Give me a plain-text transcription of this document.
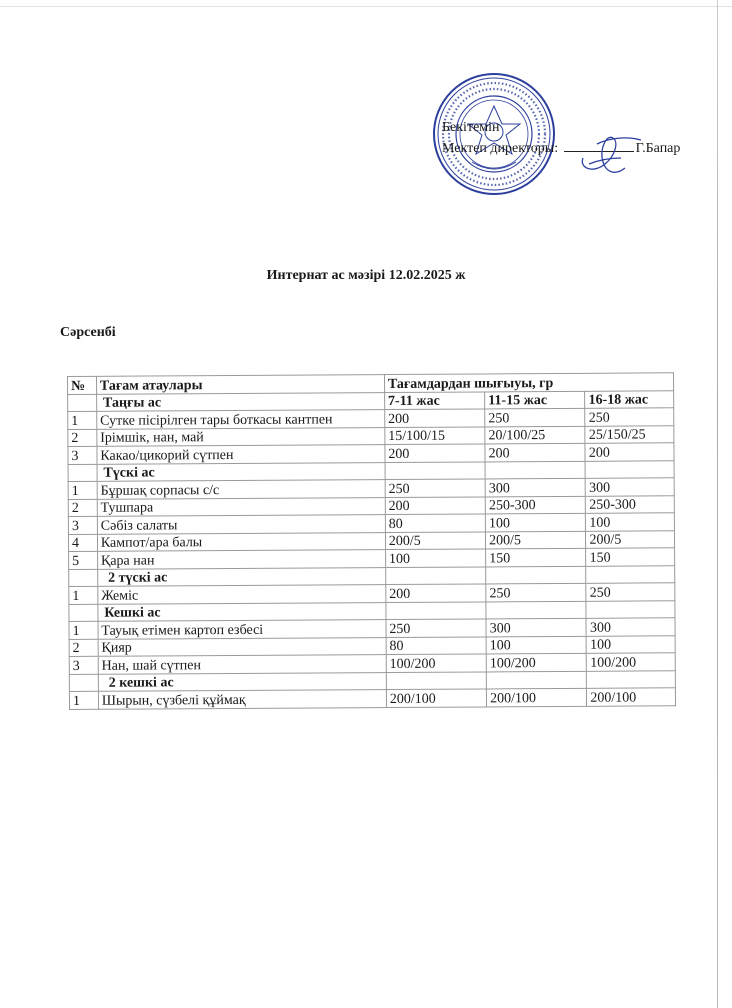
Бекітемін
Мектеп директоры:	Г.Бапар
Интернат ас мәзірі 12.02.2025 ж
Сәрсенбі
№	Тағам атаулары	Тағамдардан шығыуы, гр		
	Таңғы ас	7-11 жас	11-15 жас	16-18 жас
1	Сутке пісірілген тары боткасы кантпен	200	250	250
2	Ірімшік, нан, май	15/100/15	20/100/25	25/150/25
3	Какао/цикорий сүтпен	200	200	200
	Түскі ас			
1	Бұршақ сорпасы с/с	250	300	300
2	Тушпара	200	250-300	250-300
3	Сәбіз салаты	80	100	100
4	Кампот/ара балы	200/5	200/5	200/5
5	Қара нан	100	150	150
	2 түскі ас			
1	Жеміс	200	250	250
	Кешкі ас			
1	Тауық етімен картоп езбесі	250	300	300
2	Қияр	80	100	100
3	Нан, шай сүтпен	100/200	100/200	100/200
	2 кешкі ас			
1	Шырын, сүзбелі құймақ	200/100	200/100	200/100
